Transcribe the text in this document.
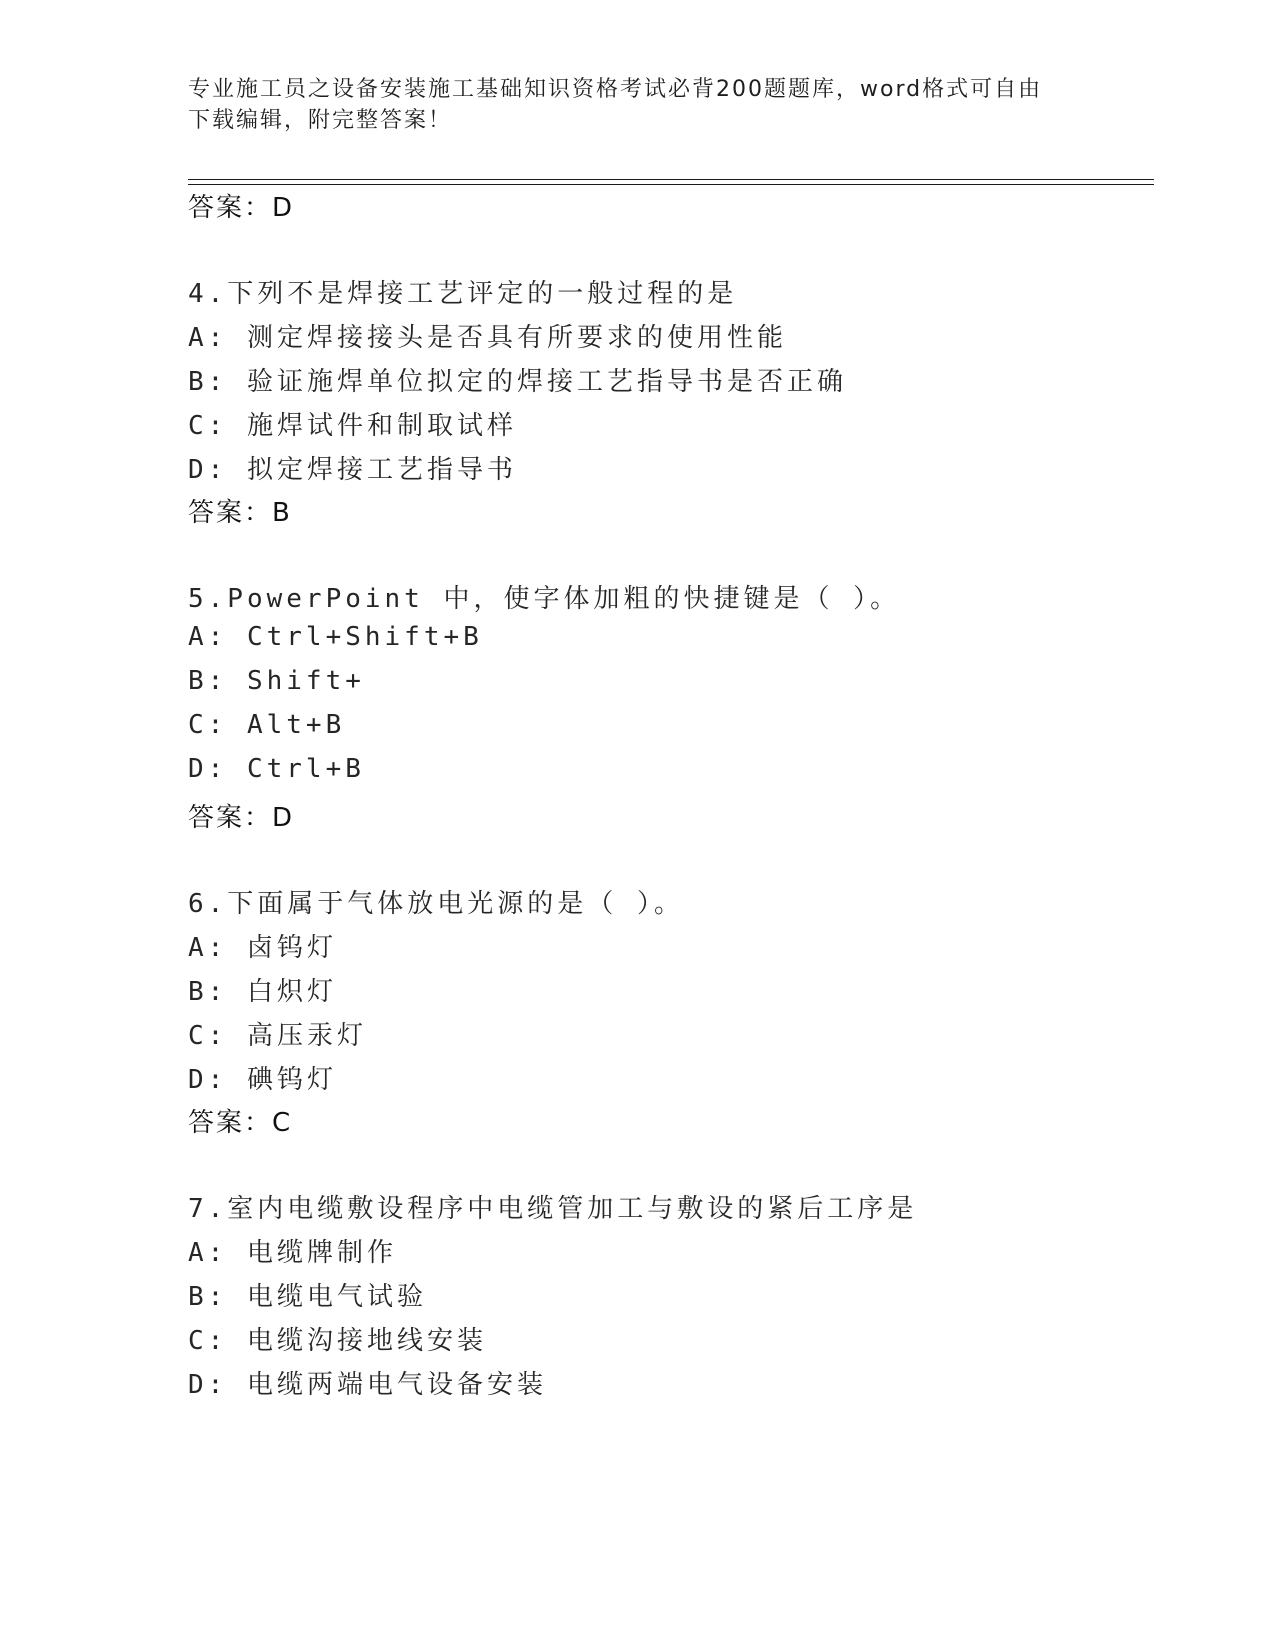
专业施工员之设备安装施工基础知识资格考试必背200题题库，word格式可自由
下载编辑，附完整答案！
答案：D
4.下列不是焊接工艺评定的一般过程的是
A: 测定焊接接头是否具有所要求的使用性能
B: 验证施焊单位拟定的焊接工艺指导书是否正确
C: 施焊试件和制取试样
D: 拟定焊接工艺指导书
答案：B
5.PowerPoint 中，使字体加粗的快捷键是（ ）。
A: Ctrl+Shift+B
B: Shift+
C: Alt+B
D: Ctrl+B
答案：D
6.下面属于气体放电光源的是（ ）。
A: 卤钨灯
B: 白炽灯
C: 高压汞灯
D: 碘钨灯
答案：C
7.室内电缆敷设程序中电缆管加工与敷设的紧后工序是
A: 电缆牌制作
B: 电缆电气试验
C: 电缆沟接地线安装
D: 电缆两端电气设备安装
